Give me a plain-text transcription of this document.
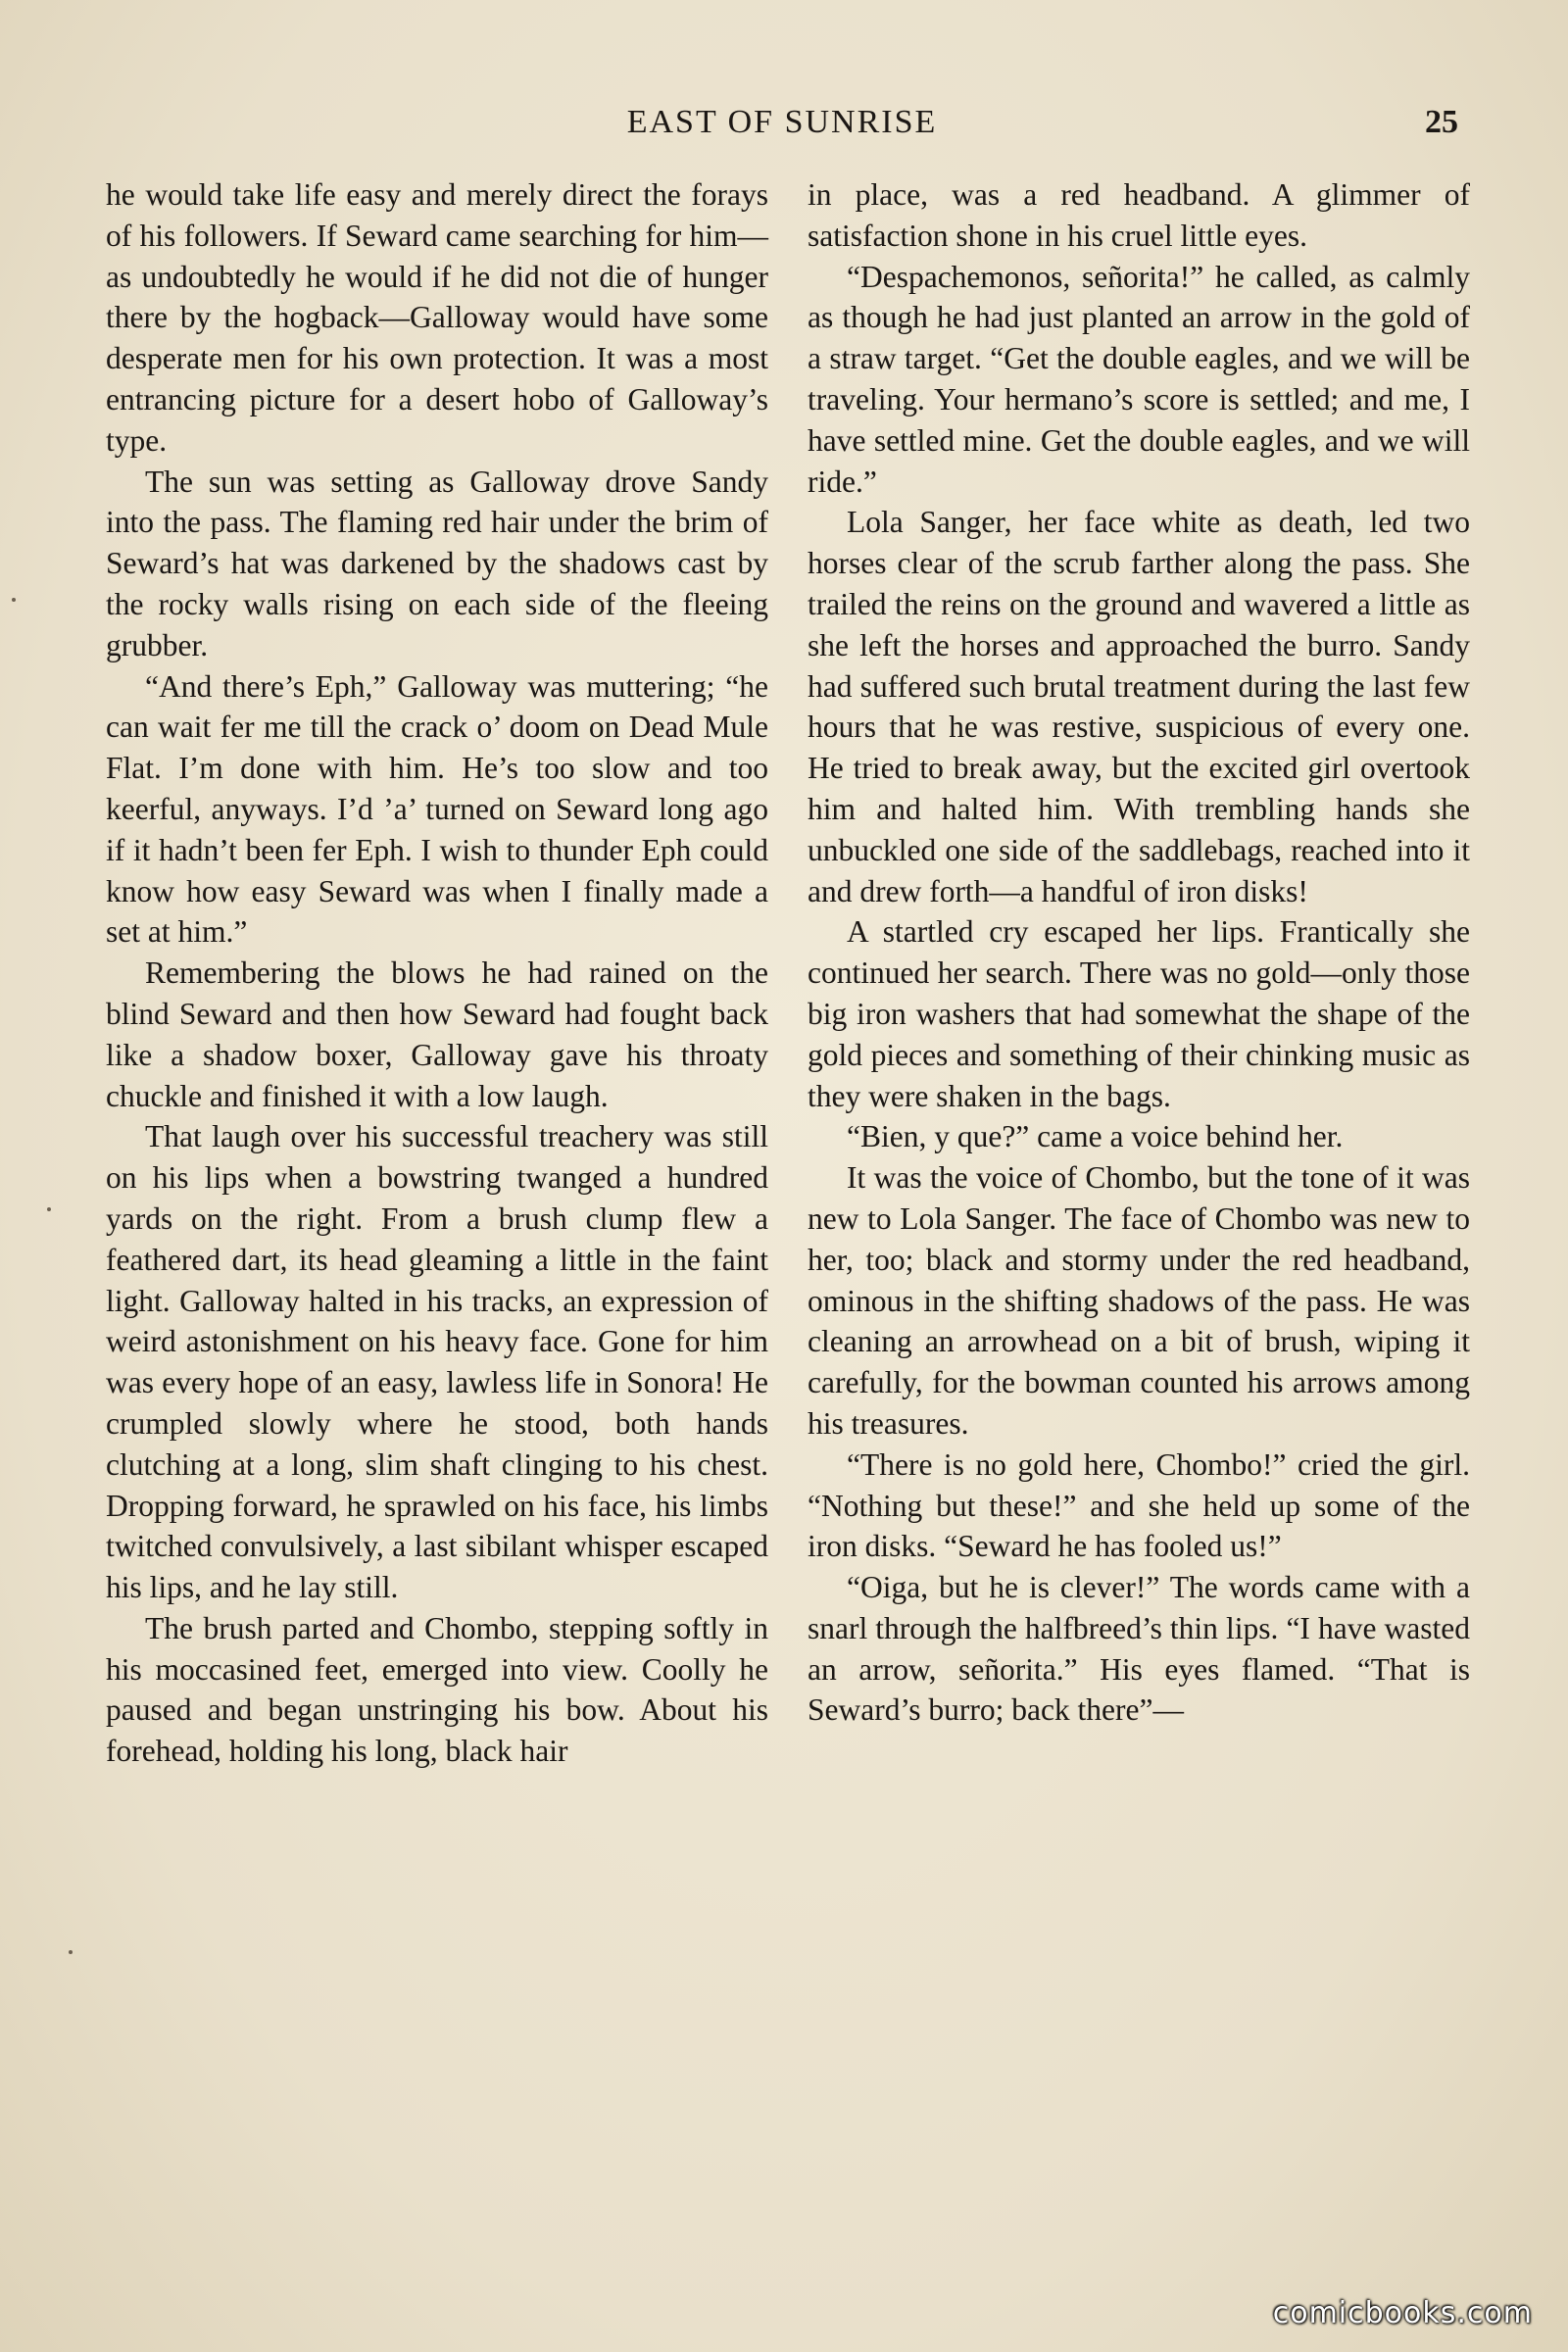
EAST OF SUNRISE	25

he would take life easy and merely direct the forays of his followers. If Seward came searching for him—as undoubtedly he would if he did not die of hunger there by the hogback—Galloway would have some desperate men for his own protection. It was a most entrancing picture for a desert hobo of Galloway’s type.

The sun was setting as Galloway drove Sandy into the pass. The flaming red hair under the brim of Seward’s hat was darkened by the shadows cast by the rocky walls rising on each side of the fleeing grubber.

“And there’s Eph,” Galloway was muttering; “he can wait fer me till the crack o’ doom on Dead Mule Flat. I’m done with him. He’s too slow and too keerful, anyways. I’d ’a’ turned on Seward long ago if it hadn’t been fer Eph. I wish to thunder Eph could know how easy Seward was when I finally made a set at him.”

Remembering the blows he had rained on the blind Seward and then how Seward had fought back like a shadow boxer, Galloway gave his throaty chuckle and finished it with a low laugh.

That laugh over his successful treachery was still on his lips when a bowstring twanged a hundred yards on the right. From a brush clump flew a feathered dart, its head gleaming a little in the faint light. Galloway halted in his tracks, an expression of weird astonishment on his heavy face. Gone for him was every hope of an easy, lawless life in Sonora! He crumpled slowly where he stood, both hands clutching at a long, slim shaft clinging to his chest. Dropping forward, he sprawled on his face, his limbs twitched convulsively, a last sibilant whisper escaped his lips, and he lay still.

The brush parted and Chombo, stepping softly in his moccasined feet, emerged into view. Coolly he paused and began unstringing his bow. About his forehead, holding his long, black hair

in place, was a red headband. A glimmer of satisfaction shone in his cruel little eyes.

“Despachemonos, señorita!” he called, as calmly as though he had just planted an arrow in the gold of a straw target. “Get the double eagles, and we will be traveling. Your hermano’s score is settled; and me, I have settled mine. Get the double eagles, and we will ride.”

Lola Sanger, her face white as death, led two horses clear of the scrub farther along the pass. She trailed the reins on the ground and wavered a little as she left the horses and approached the burro. Sandy had suffered such brutal treatment during the last few hours that he was restive, suspicious of every one. He tried to break away, but the excited girl overtook him and halted him. With trembling hands she unbuckled one side of the saddlebags, reached into it and drew forth—a handful of iron disks!

A startled cry escaped her lips. Frantically she continued her search. There was no gold—only those big iron washers that had somewhat the shape of the gold pieces and something of their chinking music as they were shaken in the bags.

“Bien, y que?” came a voice behind her.

It was the voice of Chombo, but the tone of it was new to Lola Sanger. The face of Chombo was new to her, too; black and stormy under the red headband, ominous in the shifting shadows of the pass. He was cleaning an arrowhead on a bit of brush, wiping it carefully, for the bowman counted his arrows among his treasures.

“There is no gold here, Chombo!” cried the girl. “Nothing but these!” and she held up some of the iron disks. “Seward he has fooled us!”

“Oiga, but he is clever!” The words came with a snarl through the halfbreed’s thin lips. “I have wasted an arrow, señorita.” His eyes flamed. “That is Seward’s burro; back there”—

comicbooks.com
